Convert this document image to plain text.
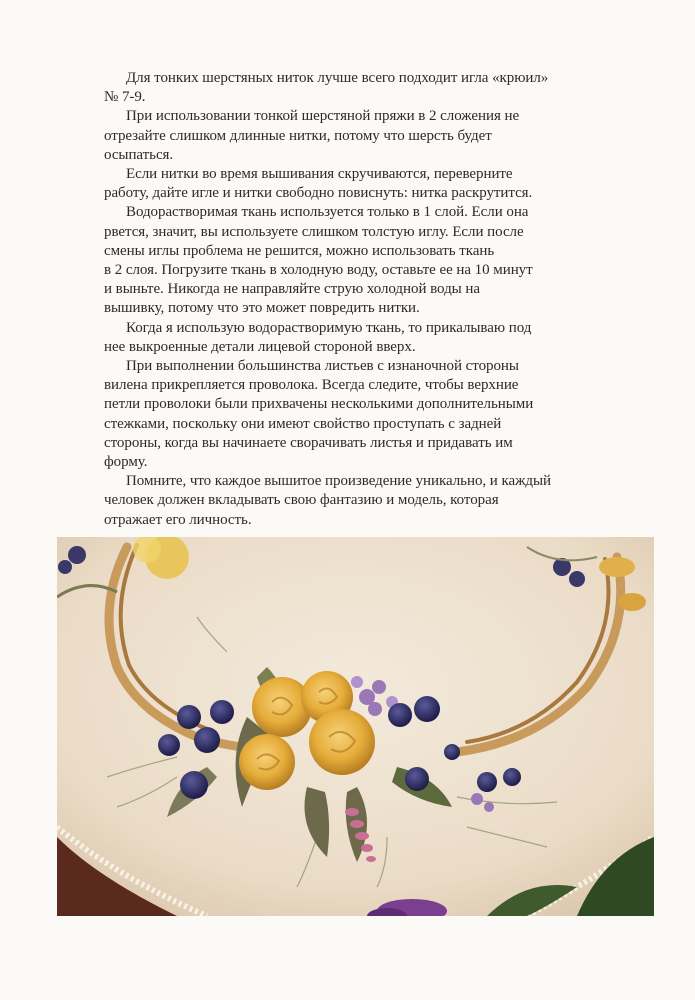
Для тонких шерстяных ниток лучше всего подходит игла «крюил»
№ 7-9.

При использовании тонкой шерстяной пряжи в 2 сложения не
отрезайте слишком длинные нитки, потому что шерсть будет
осыпаться.

Если нитки во время вышивания скручиваются, переверните
работу, дайте игле и нитки свободно повиснуть: нитка раскрутится.

Водорастворимая ткань используется только в 1 слой. Если она
рвется, значит, вы используете слишком толстую иглу. Если после
смены иглы проблема не решится, можно использовать ткань
в 2 слоя. Погрузите ткань в холодную воду, оставьте ее на 10 минут
и выньте. Никогда не направляйте струю холодной воды на
вышивку, потому что это может повредить нитки.

Когда я использую водорастворимую ткань, то прикалываю под
нее выкроенные детали лицевой стороной вверх.

При выполнении большинства листьев с изнаночной стороны
вилена прикрепляется проволока. Всегда следите, чтобы верхние
петли проволоки были прихвачены несколькими дополнительными
стежками, поскольку они имеют свойство проступать с задней
стороны, когда вы начинаете сворачивать листья и придавать им
форму.

Помните, что каждое вышитое произведение уникально, и каждый
человек должен вкладывать свою фантазию и модель, которая
отражает его личность.
